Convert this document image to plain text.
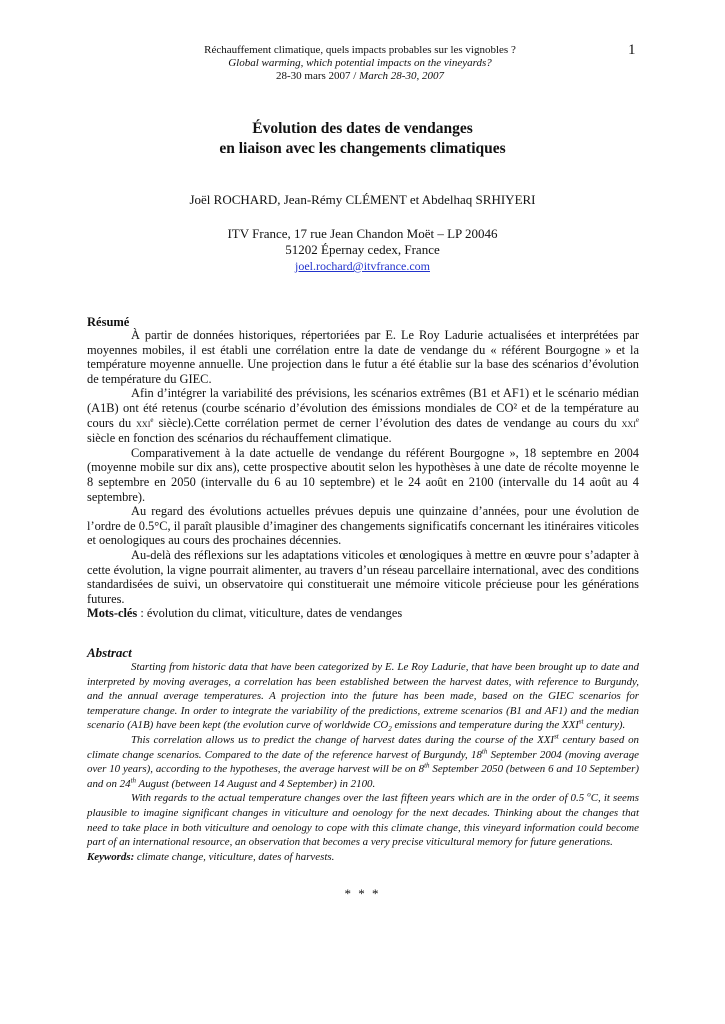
1
Réchauffement climatique, quels impacts probables sur les vignobles ?
Global warming, which potential impacts on the vineyards?
28-30 mars 2007 / March 28-30, 2007
Évolution des dates de vendanges
en liaison avec les changements climatiques
Joël ROCHARD, Jean-Rémy CLÉMENT et Abdelhaq SRHIYERI
ITV France, 17 rue Jean Chandon Moët – LP 20046
51202 Épernay cedex, France
joel.rochard@itvfrance.com
Résumé

À partir de données historiques, répertoriées par E. Le Roy Ladurie actualisées et interprétées par moyennes mobiles, il est établi une corrélation entre la date de vendange du « référent Bourgogne » et la température moyenne annuelle. Une projection dans le futur a été établie sur la base des scénarios d’évolution de température du GIEC.

Afin d’intégrer la variabilité des prévisions, les scénarios extrêmes (B1 et AF1) et le scénario médian (A1B) ont été retenus (courbe scénario d’évolution des émissions mondiales de CO² et de la température au cours du xxi$^e$ siècle).Cette corrélation permet de cerner l’évolution des dates de vendange au cours du xxi$^e$ siècle en fonction des scénarios du réchauffement climatique.

Comparativement à la date actuelle de vendange du référent Bourgogne », 18 septembre en 2004 (moyenne mobile sur dix ans), cette prospective aboutit selon les hypothèses à une date de récolte moyenne le 8 septembre en 2050 (intervalle du 6 au 10 septembre) et le 24 août en 2100 (intervalle du 14 août au 4 septembre).

Au regard des évolutions actuelles prévues depuis une quinzaine d’années, pour une évolution de l’ordre de 0.5°C, il paraît plausible d’imaginer des changements significatifs concernant les itinéraires viticoles et oenologiques au cours des prochaines décennies.

Au-delà des réflexions sur les adaptations viticoles et œnologiques à mettre en œuvre pour s’adapter à cette évolution, la vigne pourrait alimenter, au travers d’un réseau parcellaire international, avec des conditions standardisées de suivi, un observatoire qui constituerait une mémoire viticole précieuse pour les générations futures.

Mots-clés : évolution du climat, viticulture, dates de vendanges

Abstract

Starting from historic data that have been categorized by E. Le Roy Ladurie, that have been brought up to date and interpreted by moving averages, a correlation has been established between the harvest dates, with reference to Burgundy, and the annual average temperatures. A projection into the future has been made, based on the GIEC scenarios for temperature change. In order to integrate the variability of the predictions, extreme scenarios (B1 and AF1) and the median scenario (A1B) have been kept (the evolution curve of worldwide $CO_2$ emissions and temperature during the XXIst century).

This correlation allows us to predict the change of harvest dates during the course of the XXIst century based on climate change scenarios. Compared to the date of the reference harvest of Burgundy, 18th September 2004 (moving average over 10 years), according to the hypotheses, the average harvest will be on 8th September 2050 (between 6 and 10 September) and on 24th August (between 14 August and 4 September) in 2100.

With regards to the actual temperature changes over the last fifteen years which are in the order of 0.5 $^o$C, it seems plausible to imagine significant changes in viticulture and oenology for the next decades. Thinking about the changes that need to take place in both viticulture and oenology to cope with this climate change, this vineyard information could become part of an international resource, an observation that becomes a very precise viticultural memory for future generations.

Keywords: climate change, viticulture, dates of harvests.

* * *
